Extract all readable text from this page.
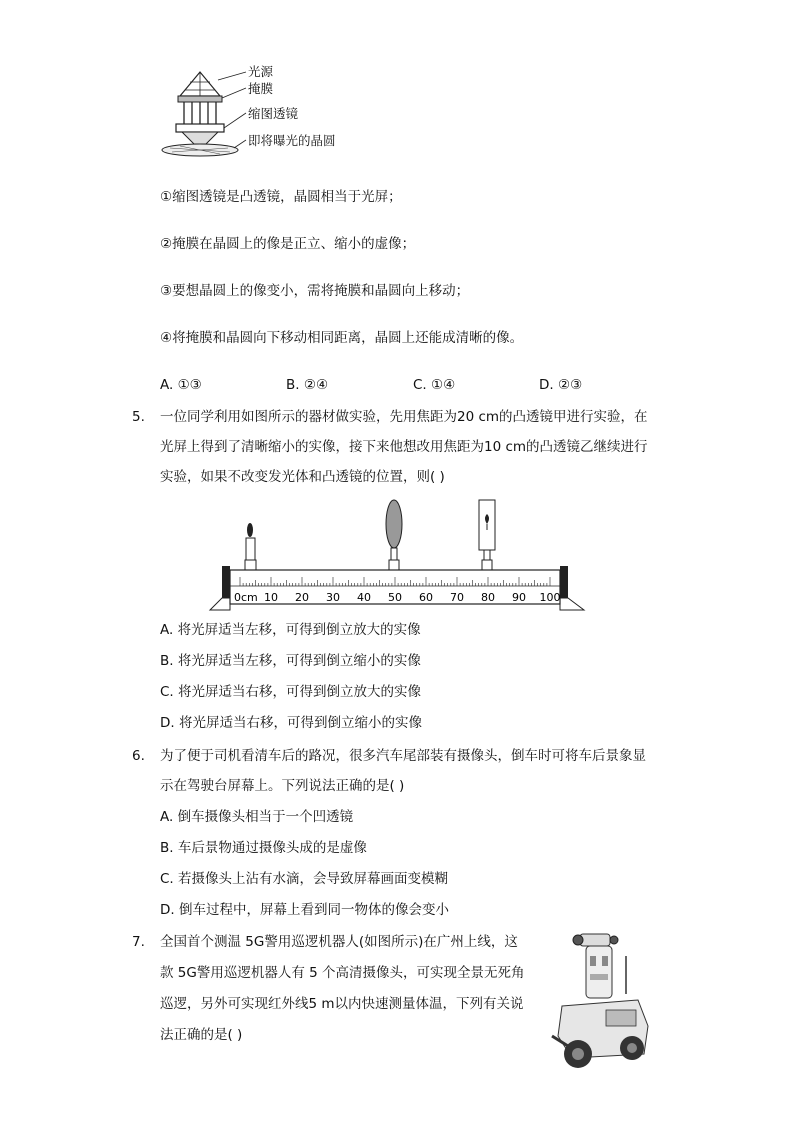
光源
掩膜
缩图透镜
即将曝光的晶圆
①缩图透镜是凸透镜，晶圆相当于光屏；
②掩膜在晶圆上的像是正立、缩小的虚像；
③要想晶圆上的像变小，需将掩膜和晶圆向上移动；
④将掩膜和晶圆向下移动相同距离，晶圆上还能成清晰的像。
A. ①③	B. ②④	C. ①④	D. ②③
5. 一位同学利用如图所示的器材做实验，先用焦距为20 cm的凸透镜甲进行实验，在
光屏上得到了清晰缩小的实像，接下来他想改用焦距为10 cm的凸透镜乙继续进行
实验，如果不改变发光体和凸透镜的位置，则( )
0cm 10 20 30 40 50 60 70 80 90 100
A. 将光屏适当左移，可得到倒立放大的实像
B. 将光屏适当左移，可得到倒立缩小的实像
C. 将光屏适当右移，可得到倒立放大的实像
D. 将光屏适当右移，可得到倒立缩小的实像
6. 为了便于司机看清车后的路况，很多汽车尾部装有摄像头，倒车时可将车后景象显
示在驾驶台屏幕上。下列说法正确的是( )
A. 倒车摄像头相当于一个凹透镜
B. 车后景物通过摄像头成的是虚像
C. 若摄像头上沾有水滴，会导致屏幕画面变模糊
D. 倒车过程中，屏幕上看到同一物体的像会变小
7. 全国首个测温 5G警用巡逻机器人(如图所示)在广州上线，这
款 5G警用巡逻机器人有 5 个高清摄像头，可实现全景无死角
巡逻，另外可实现红外线5 m以内快速测量体温，下列有关说
法正确的是( )
